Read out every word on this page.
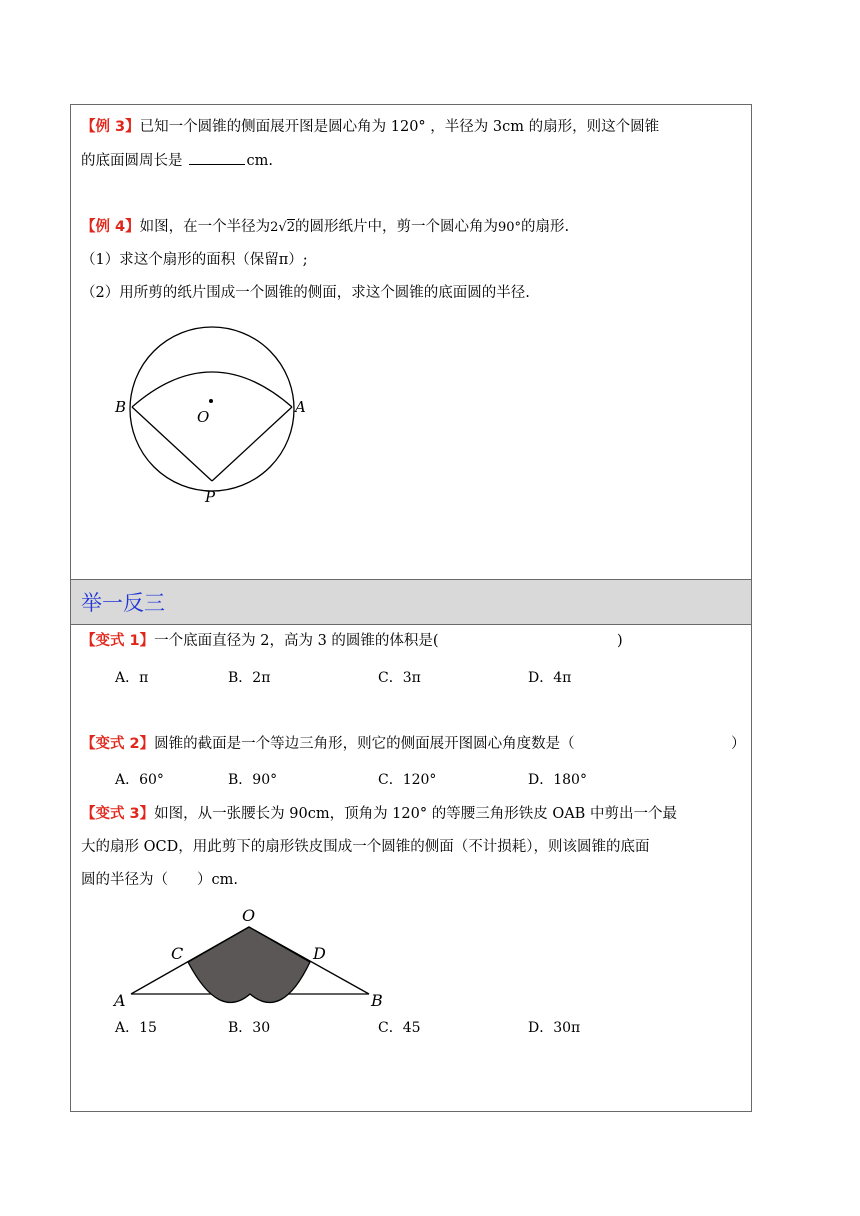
【例 3】已知一个圆锥的侧面展开图是圆心角为 120° ，半径为 3cm 的扇形，则这个圆锥
的底面圆周长是	cm.
【例 4】如图，在一个半径为2√2的圆形纸片中，剪一个圆心角为90°的扇形.
（1）求这个扇形的面积（保留π）;
（2）用所剪的纸片围成一个圆锥的侧面，求这个圆锥的底面圆的半径.
B	A
O
P
举一反三
【变式 1】一个底面直径为 2，高为 3 的圆锥的体积是(	)
A．π	B．2π	C．3π	D．4π
【变式 2】圆锥的截面是一个等边三角形，则它的侧面展开图圆心角度数是（	）
A．60°	B．90°	C．120°	D．180°
【变式 3】如图，从一张腰长为 90cm，顶角为 120° 的等腰三角形铁皮 OAB 中剪出一个最
大的扇形 OCD，用此剪下的扇形铁皮围成一个圆锥的侧面（不计损耗），则该圆锥的底面
圆的半径为（　　）cm.
O
C	D
A	B
A．15	B．30	C．45	D．30π
